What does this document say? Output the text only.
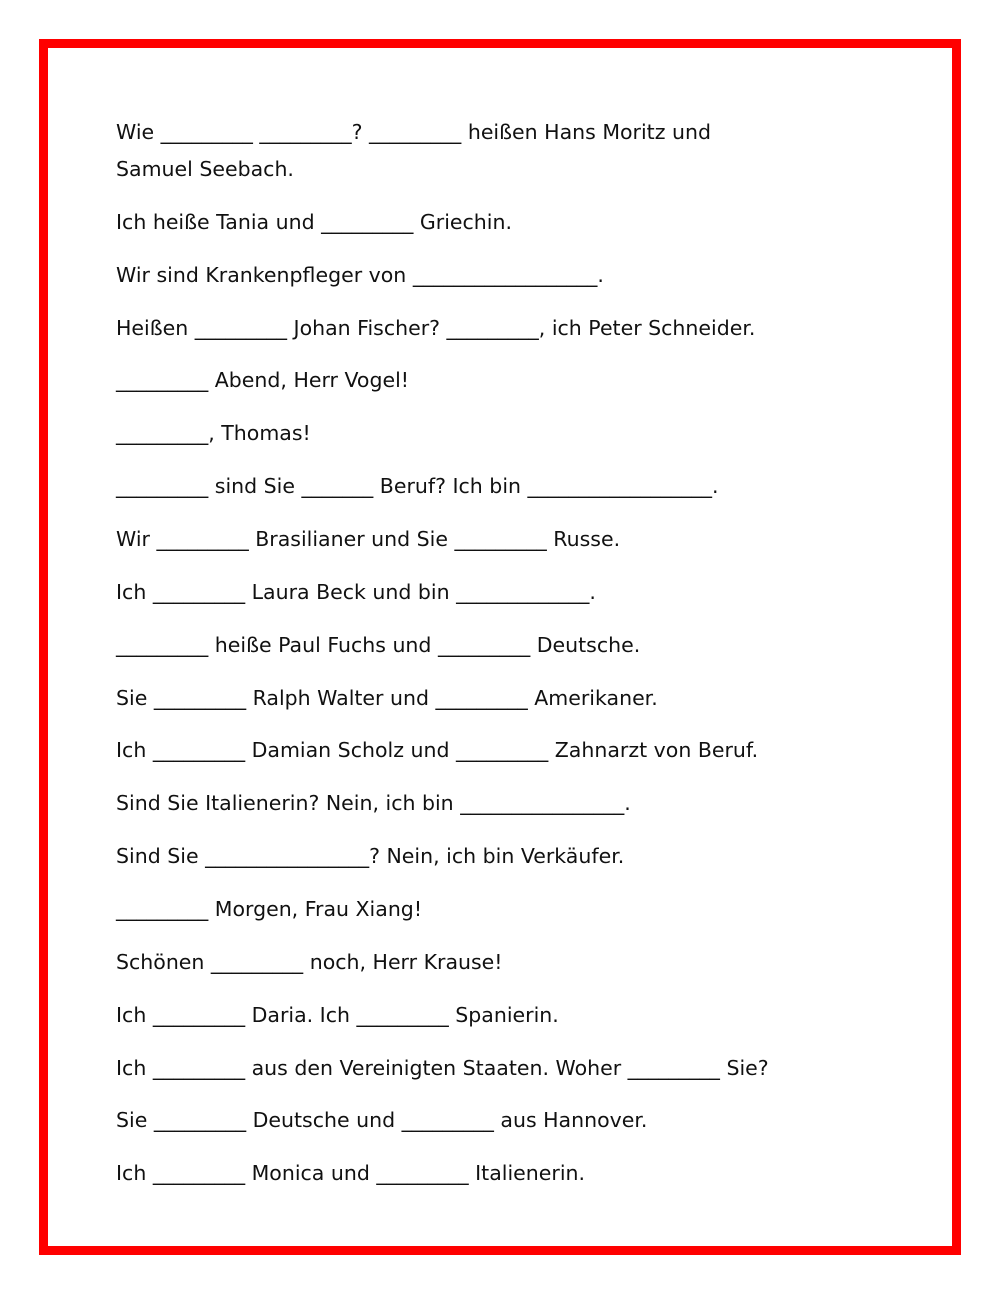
Wie _________ _________? _________ heißen Hans Moritz und
Samuel Seebach.
Ich heiße Tania und _________ Griechin.
Wir sind Krankenpfleger von __________________.
Heißen _________ Johan Fischer? _________, ich Peter Schneider.
_________ Abend, Herr Vogel!
_________, Thomas!
_________ sind Sie _______ Beruf? Ich bin __________________.
Wir _________ Brasilianer und Sie _________ Russe.
Ich _________ Laura Beck und bin _____________.
_________ heiße Paul Fuchs und _________ Deutsche.
Sie _________ Ralph Walter und _________ Amerikaner.
Ich _________ Damian Scholz und _________ Zahnarzt von Beruf.
Sind Sie Italienerin? Nein, ich bin ________________.
Sind Sie ________________? Nein, ich bin Verkäufer.
_________ Morgen, Frau Xiang!
Schönen _________ noch, Herr Krause!
Ich _________ Daria. Ich _________ Spanierin.
Ich _________ aus den Vereinigten Staaten. Woher _________ Sie?
Sie _________ Deutsche und _________ aus Hannover.
Ich _________ Monica und _________ Italienerin.
